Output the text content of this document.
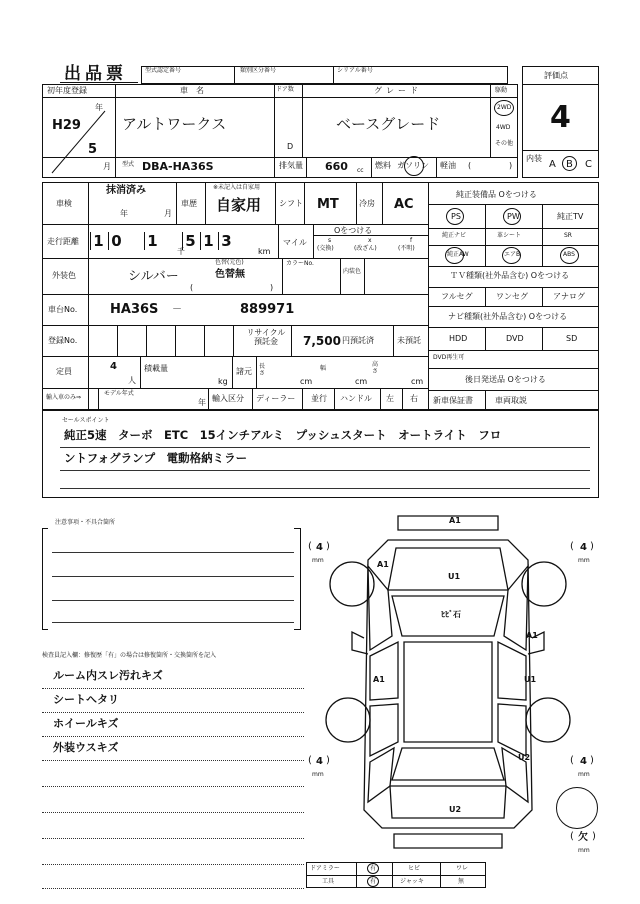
出品票	型式認定番号	類別区分番号	シリアル番号
評価点
4
内装
A B C
初年度登録
年
H29
5
月
車　名
アルトワークス
ドア数
D
グレード
ベースグレード
駆動
2WD
4WD
その他
型式 DBA-HA36S	排気量 660 cc
燃料 ガソリン 軽油 (	)
車検
抹消済み
年	月
車歴
※未記入は自家用
自家用 シフト MT	冷房 AC
走行距離 1 0 1 5 1 3
千	km
マイル
Oをつける
s
(交換)
x
(改ざん)
f
(不明)
外装色	シルバー
色替(元色)
色替無
(	)
カラーNo.
内装色
車台No.	HA36S －	889971
登録No.
リサイクル預託金	7,500 円預託済	未預託
定員	4
人
積載量
kg
諸元
長さ
cm
幅
cm
高さ
cm
輸入車のみ⇒
モデル年式
年 輸入区分 ディーラー 並行 ハンドル 左 右
純正装備品 Oをつける
PS	PW	純正TV
純正ナビ	革シート	SR
純正AW	エアB	ABS
ＴＶ種類(社外品含む) Oをつける
フルセグ	ワンセグ	アナログ
ナビ種類(社外品含む) Oをつける
HDD	DVD	SD
DVD再生可
後日発送品 Oをつける
新車保証書	車両取説
セールスポイント
純正5速　ターボ　ETC　15インチアルミ　プッシュスタート　オートライト　フロ
ントフォグランプ　電動格納ミラー
注意事項・不具合箇所
検査員記入欄：修復歴「有」の場合は修復箇所・交換箇所を記入
ルーム内スレ汚れキズ
シートヘタリ
ホイールキズ
外装ウスキズ
A1
A1
U1
ﾋﾋﾞ石
A1
A1	U1
U2
U2
( 4 )
mm
( 4 )
mm
( 4 )
mm
( 4 )
mm
( 欠 )
mm
ドアミラー	有	ヒビ	ワレ
工具	有	ジャッキ	無
